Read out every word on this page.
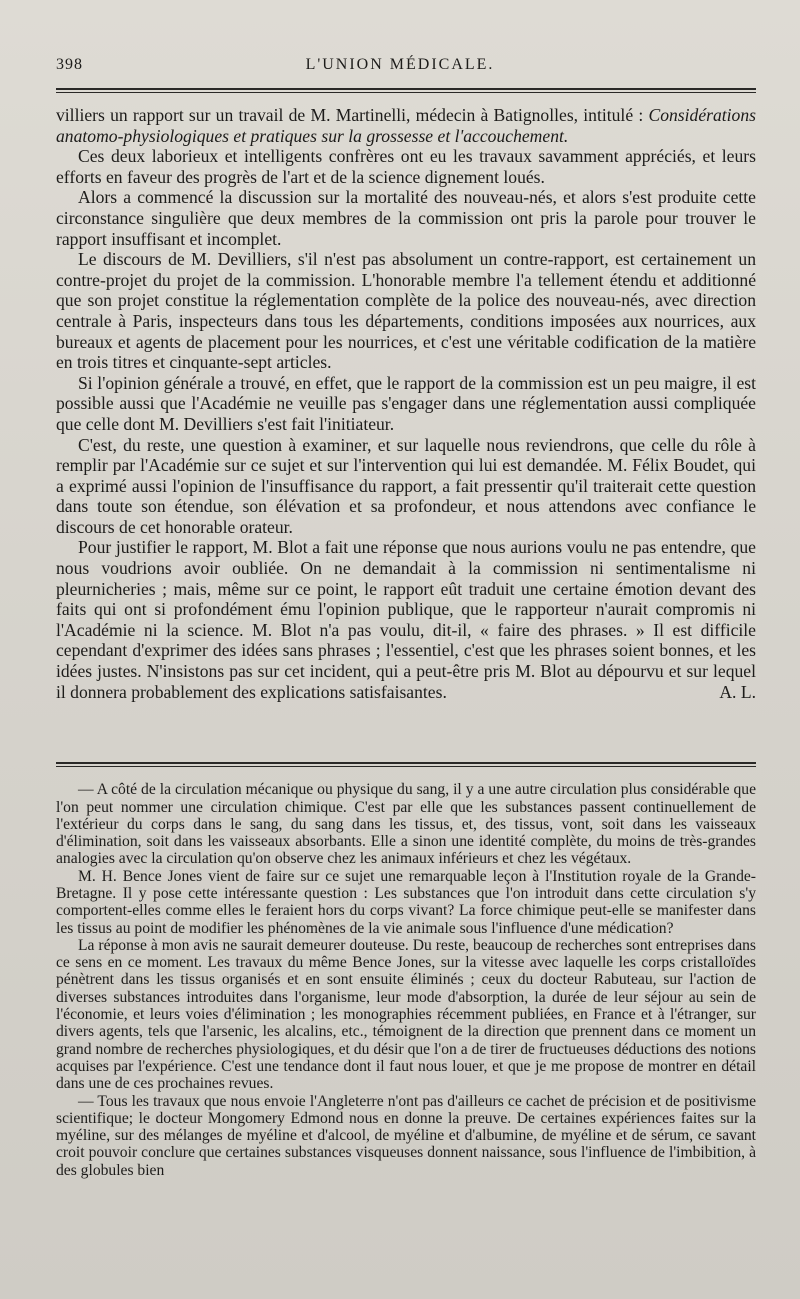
398	L'UNION MÉDICALE.

villiers un rapport sur un travail de M. Martinelli, médecin à Batignolles, intitulé : Considérations anatomo-physiologiques et pratiques sur la grossesse et l'accouchement.

Ces deux laborieux et intelligents confrères ont eu les travaux savamment appréciés, et leurs efforts en faveur des progrès de l'art et de la science dignement loués.

Alors a commencé la discussion sur la mortalité des nouveau-nés, et alors s'est produite cette circonstance singulière que deux membres de la commission ont pris la parole pour trouver le rapport insuffisant et incomplet.

Le discours de M. Devilliers, s'il n'est pas absolument un contre-rapport, est certainement un contre-projet du projet de la commission. L'honorable membre l'a tellement étendu et additionné que son projet constitue la réglementation complète de la police des nouveau-nés, avec direction centrale à Paris, inspecteurs dans tous les départements, conditions imposées aux nourrices, aux bureaux et agents de placement pour les nourrices, et c'est une véritable codification de la matière en trois titres et cinquante-sept articles.

Si l'opinion générale a trouvé, en effet, que le rapport de la commission est un peu maigre, il est possible aussi que l'Académie ne veuille pas s'engager dans une réglementation aussi compliquée que celle dont M. Devilliers s'est fait l'initiateur.

C'est, du reste, une question à examiner, et sur laquelle nous reviendrons, que celle du rôle à remplir par l'Académie sur ce sujet et sur l'intervention qui lui est demandée. M. Félix Boudet, qui a exprimé aussi l'opinion de l'insuffisance du rapport, a fait pressentir qu'il traiterait cette question dans toute son étendue, son élévation et sa profondeur, et nous attendons avec confiance le discours de cet honorable orateur.

Pour justifier le rapport, M. Blot a fait une réponse que nous aurions voulu ne pas entendre, que nous voudrions avoir oubliée. On ne demandait à la commission ni sentimentalisme ni pleurnicheries ; mais, même sur ce point, le rapport eût traduit une certaine émotion devant des faits qui ont si profondément ému l'opinion publique, que le rapporteur n'aurait compromis ni l'Académie ni la science. M. Blot n'a pas voulu, dit-il, « faire des phrases. » Il est difficile cependant d'exprimer des idées sans phrases ; l'essentiel, c'est que les phrases soient bonnes, et les idées justes. N'insistons pas sur cet incident, qui a peut-être pris M. Blot au dépourvu et sur lequel il donnera probablement des explications satisfaisantes.	A. L.

— A côté de la circulation mécanique ou physique du sang, il y a une autre circulation plus considérable que l'on peut nommer une circulation chimique. C'est par elle que les substances passent continuellement de l'extérieur du corps dans le sang, du sang dans les tissus, et, des tissus, vont, soit dans les vaisseaux d'élimination, soit dans les vaisseaux absorbants. Elle a sinon une identité complète, du moins de très-grandes analogies avec la circulation qu'on observe chez les animaux inférieurs et chez les végétaux.

M. H. Bence Jones vient de faire sur ce sujet une remarquable leçon à l'Institution royale de la Grande-Bretagne. Il y pose cette intéressante question : Les substances que l'on introduit dans cette circulation s'y comportent-elles comme elles le feraient hors du corps vivant? La force chimique peut-elle se manifester dans les tissus au point de modifier les phénomènes de la vie animale sous l'influence d'une médication?

La réponse à mon avis ne saurait demeurer douteuse. Du reste, beaucoup de recherches sont entreprises dans ce sens en ce moment. Les travaux du même Bence Jones, sur la vitesse avec laquelle les corps cristalloïdes pénètrent dans les tissus organisés et en sont ensuite éliminés ; ceux du docteur Rabuteau, sur l'action de diverses substances introduites dans l'organisme, leur mode d'absorption, la durée de leur séjour au sein de l'économie, et leurs voies d'élimination ; les monographies récemment publiées, en France et à l'étranger, sur divers agents, tels que l'arsenic, les alcalins, etc., témoignent de la direction que prennent dans ce moment un grand nombre de recherches physiologiques, et du désir que l'on a de tirer de fructueuses déductions des notions acquises par l'expérience. C'est une tendance dont il faut nous louer, et que je me propose de montrer en détail dans une de ces prochaines revues.

— Tous les travaux que nous envoie l'Angleterre n'ont pas d'ailleurs ce cachet de précision et de positivisme scientifique; le docteur Mongomery Edmond nous en donne la preuve. De certaines expériences faites sur la myéline, sur des mélanges de myéline et d'alcool, de myéline et d'albumine, de myéline et de sérum, ce savant croit pouvoir conclure que certaines substances visqueuses donnent naissance, sous l'influence de l'imbibition, à des globules bien
